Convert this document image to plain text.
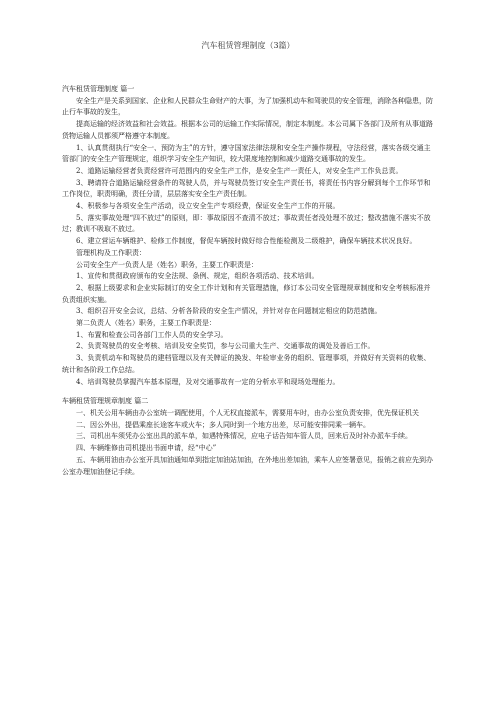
汽车租赁管理制度（3篇）

汽车租赁管理制度 篇一

安全生产是关系到国家、企业和人民群众生命财产的大事，为了加强机动车和驾驶员的安全管理，消除各种隐患，防止行车事故的发生，

提高运输的经济效益和社会效益。根据本公司的运输工作实际情况，制定本制度。本公司属下各部门及所有从事道路货物运输人员都须严格遵守本制度。

1、认真贯彻执行“安全一、预防为主”的方针，遵守国家法律法规和安全生产操作规程，守法经营，落实各级交通主管部门的安全生产管理规定，组织学习安全生产知识，较大限度地控制和减少道路交通事故的发生。

2、道路运输经营者负责经营许可范围内的安全生产工作，是安全生产一责任人，对安全生产工作负总责。

3、聘请符合道路运输经营条件的驾驶人员，并与驾驶员签订安全生产责任书，将责任书内容分解到每个工作环节和工作岗位，职责明确，责任分清，层层落实安全生产责任制。

4、积极参与各项安全生产活动，设立安全生产专项经费，保证安全生产工作的开展。

5、落实事故处理“四不放过”的原则，即：事故原因不查清不放过；事故责任者没处理不放过；整改措施不落实不放过；教训不吸取不放过。

6、建立营运车辆维护、检修工作制度，督促车辆按时做好综合性能检测及二级维护，确保车辆技术状况良好。

管理机构及工作职责：

公司安全生产一负责人是（姓名）职务，主要工作职责是：

1、宣传和贯彻政府颁布的安全法规、条例、规定，组织各项活动、技术培训。

2、根据上级要求和企业实际制订的安全工作计划和有关管理措施，修订本公司安全管理规章制度和安全考核标准并负责组织实施。

3、组织召开安全会议，总结、分析各阶段的安全生产情况，并针对存在问题制定相应的防范措施。

第二负责人（姓名）职务，主要工作职责是：

1、布置和检查公司各部门工作人员的安全学习。

2、负责驾驶员的安全考核、培训及安全奖罚，参与公司重大生产、交通事故的调处及善后工作。

3、负责机动车和驾驶员的建档管理以及有关牌证的换发、年检审业务的组织、管理事项，并做好有关资料的收集、统计和各阶段工作总结。

4、培训驾驶员掌握汽车基本原理，及对交通事故有一定的分析水平和现场处理能力。

车辆租赁管理规章制度 篇二

一、机关公用车辆由办公室统一调配使用，个人无权直接派车，需要用车时，由办公室负责安排，优先保证机关

二、因公外出，提倡乘座长途客车或火车；多人同时到一个地方出差，尽可能安排同乘一辆车。

三、司机出车须凭办公室出具的派车单，如遇特殊情况，应电子话告知车管人员，回来后及时补办派车手续。

四、车辆维修由司机提出书面申请，经“中心”

五、车辆用油由办公室开具加油通知单到指定加油站加油，在外地出差加油，乘车人应签署意见，报销之前应先到办公室办理加油登记手续。
